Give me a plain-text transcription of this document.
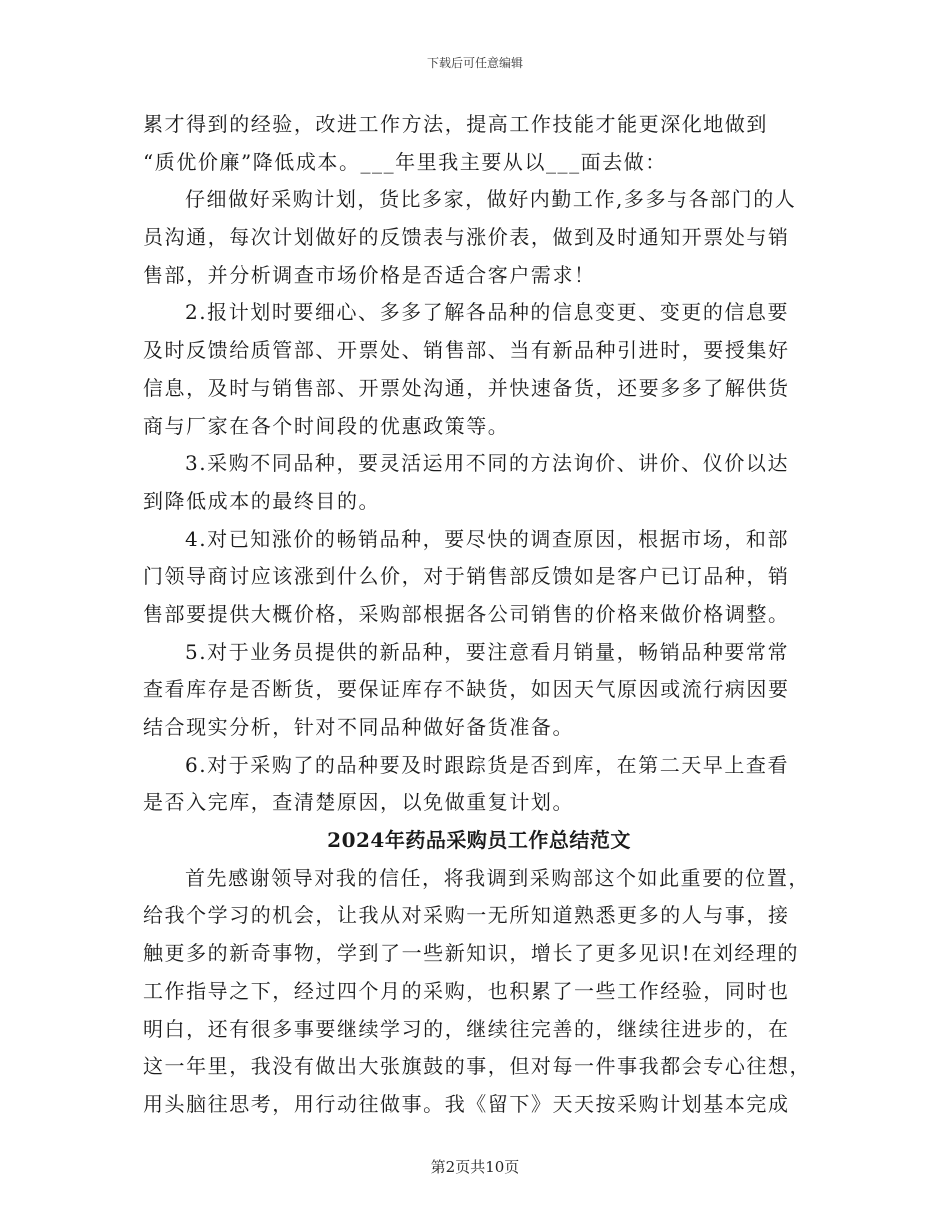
下载后可任意编辑
累才得到的经验，改进工作方法，提高工作技能才能更深化地做到
“质优价廉”降低成本。___年里我主要从以___面去做：
仔细做好采购计划，货比多家，做好内勤工作,多多与各部门的人
员沟通，每次计划做好的反馈表与涨价表，做到及时通知开票处与销
售部，并分析调查市场价格是否适合客户需求！
2.报计划时要细心、多多了解各品种的信息变更、变更的信息要
及时反馈给质管部、开票处、销售部、当有新品种引进时，要授集好
信息，及时与销售部、开票处沟通，并快速备货，还要多多了解供货
商与厂家在各个时间段的优惠政策等。
3.采购不同品种，要灵活运用不同的方法询价、讲价、仪价以达
到降低成本的最终目的。
4.对已知涨价的畅销品种，要尽快的调查原因，根据市场，和部
门领导商讨应该涨到什么价，对于销售部反馈如是客户已订品种，销
售部要提供大概价格，采购部根据各公司销售的价格来做价格调整。
5.对于业务员提供的新品种，要注意看月销量，畅销品种要常常
查看库存是否断货，要保证库存不缺货，如因天气原因或流行病因要
结合现实分析，针对不同品种做好备货准备。
6.对于采购了的品种要及时跟踪货是否到库，在第二天早上查看
是否入完库，查清楚原因，以免做重复计划。
2024年药品采购员工作总结范文
首先感谢领导对我的信任，将我调到采购部这个如此重要的位置，
给我个学习的机会，让我从对采购一无所知道熟悉更多的人与事，接
触更多的新奇事物，学到了一些新知识，增长了更多见识!在刘经理的
工作指导之下，经过四个月的采购，也积累了一些工作经验，同时也
明白，还有很多事要继续学习的，继续往完善的，继续往进步的，在
这一年里，我没有做出大张旗鼓的事，但对每一件事我都会专心往想，
用头脑往思考，用行动往做事。我《留下》天天按采购计划基本完成
第2页共10页
